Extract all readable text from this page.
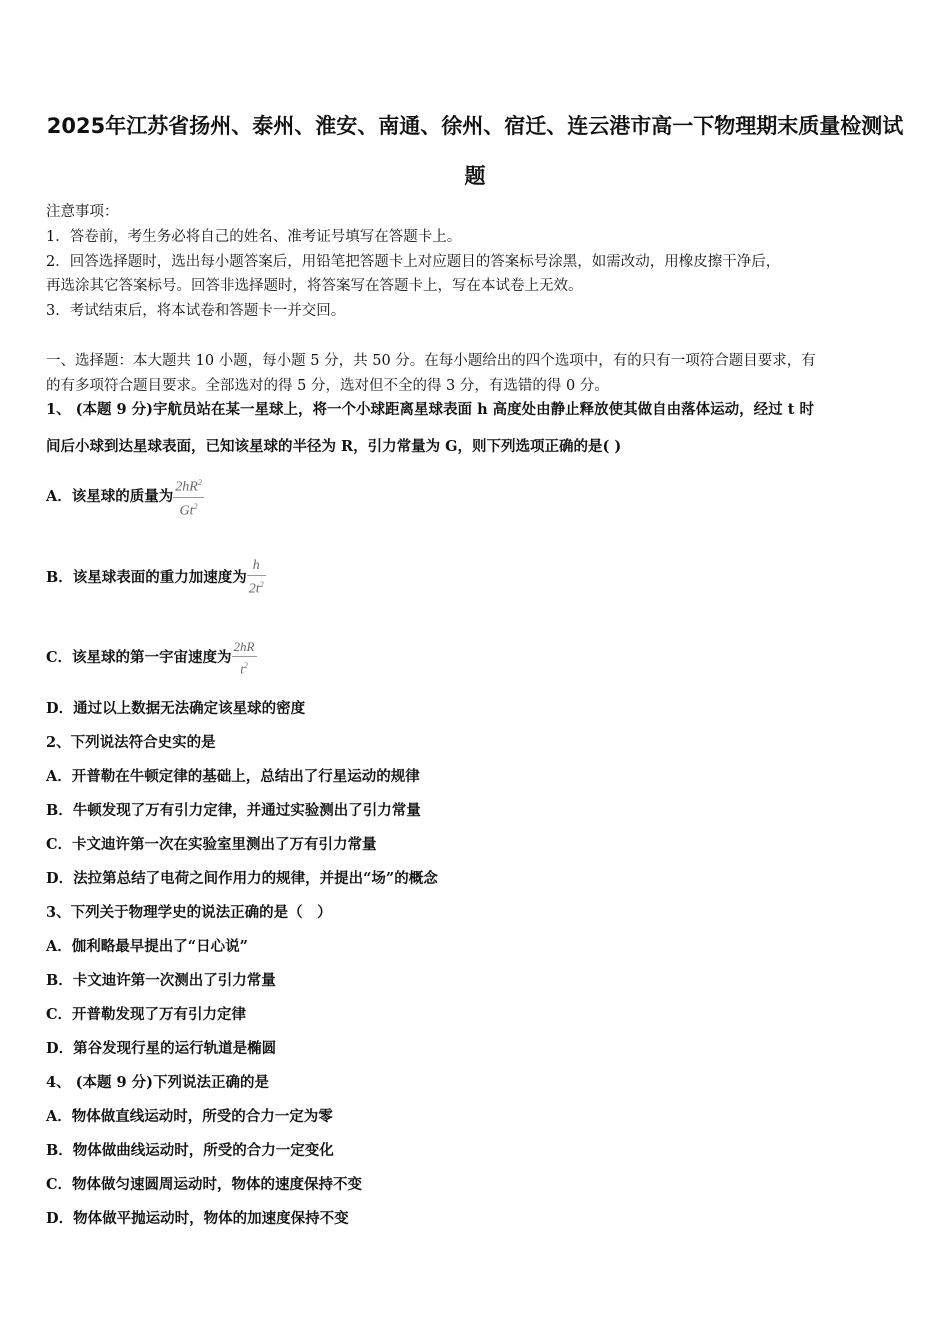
2025年江苏省扬州、泰州、淮安、南通、徐州、宿迁、连云港市高一下物理期末质量检测试
题
注意事项：
1．答卷前，考生务必将自己的姓名、准考证号填写在答题卡上。
2．回答选择题时，选出每小题答案后，用铅笔把答题卡上对应题目的答案标号涂黑，如需改动，用橡皮擦干净后，
再选涂其它答案标号。回答非选择题时，将答案写在答题卡上，写在本试卷上无效。
3．考试结束后，将本试卷和答题卡一并交回。
一、选择题：本大题共 10 小题，每小题 5 分，共 50 分。在每小题给出的四个选项中，有的只有一项符合题目要求，有
的有多项符合题目要求。全部选对的得 5 分，选对但不全的得 3 分，有选错的得 0 分。
1、 (本题 9 分)宇航员站在某一星球上，将一个小球距离星球表面 h 高度处由静止释放使其做自由落体运动，经过 t 时
间后小球到达星球表面，已知该星球的半径为 R，引力常量为 G，则下列选项正确的是( )
A．该星球的质量为 $\frac{2hR^2}{Gt^2}$
B．该星球表面的重力加速度为 $\frac{h}{2t^2}$
C．该星球的第一宇宙速度为 $\frac{2hR}{t^2}$
D．通过以上数据无法确定该星球的密度
2、下列说法符合史实的是
A．开普勒在牛顿定律的基础上，总结出了行星运动的规律
B．牛顿发现了万有引力定律，并通过实验测出了引力常量
C．卡文迪许第一次在实验室里测出了万有引力常量
D．法拉第总结了电荷之间作用力的规律，并提出“场”的概念
3、下列关于物理学史的说法正确的是（　）
A．伽利略最早提出了“日心说”
B．卡文迪许第一次测出了引力常量
C．开普勒发现了万有引力定律
D．第谷发现行星的运行轨道是椭圆
4、 (本题 9 分)下列说法正确的是
A．物体做直线运动时，所受的合力一定为零
B．物体做曲线运动时，所受的合力一定变化
C．物体做匀速圆周运动时，物体的速度保持不变
D．物体做平抛运动时，物体的加速度保持不变
